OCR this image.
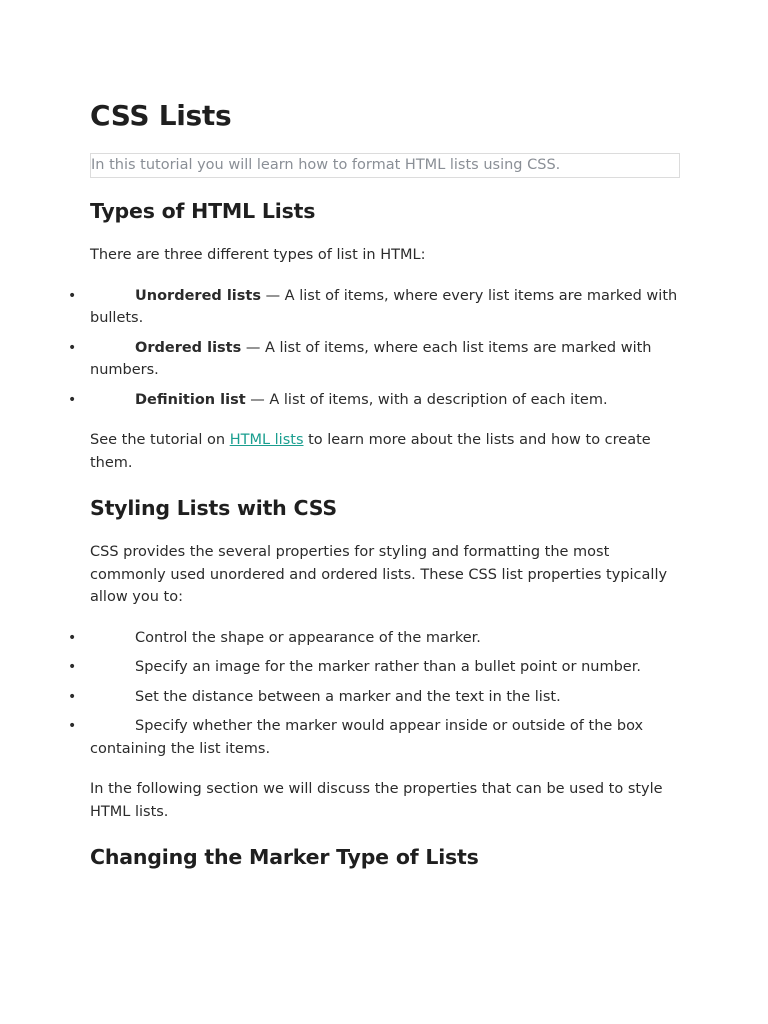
CSS Lists
In this tutorial you will learn how to format HTML lists using CSS.
Types of HTML Lists

There are three different types of list in HTML:

•	Unordered lists — A list of items, where every list items are marked with bullets.
•	Ordered lists — A list of items, where each list items are marked with numbers.
•	Definition list — A list of items, with a description of each item.

See the tutorial on HTML lists to learn more about the lists and how to create them.

Styling Lists with CSS

CSS provides the several properties for styling and formatting the most commonly used unordered and ordered lists. These CSS list properties typically allow you to:

•	Control the shape or appearance of the marker.
•	Specify an image for the marker rather than a bullet point or number.
•	Set the distance between a marker and the text in the list.
•	Specify whether the marker would appear inside or outside of the box containing the list items.

In the following section we will discuss the properties that can be used to style HTML lists.

Changing the Marker Type of Lists
